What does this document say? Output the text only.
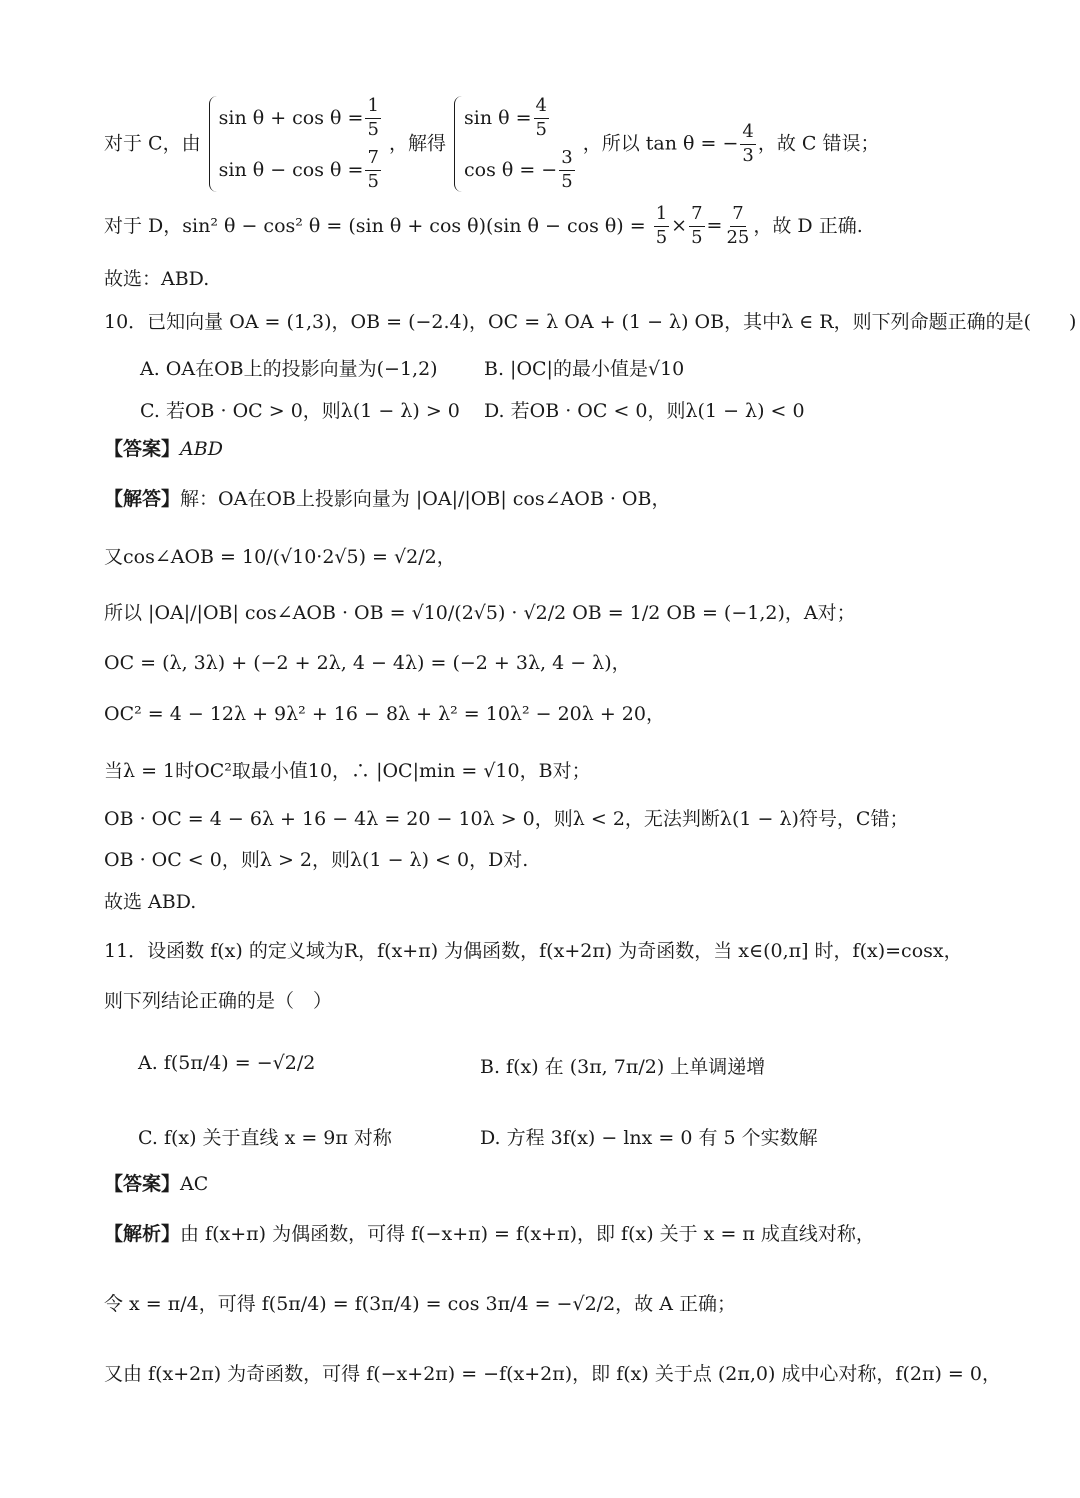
对于 C，由
$\sin \theta + \cos \theta = \frac{1}{5}$
$\sin \theta - \cos \theta = \frac{7}{5}$
，解得
$\sin \theta = \frac{4}{5}$
cos θ = − $\frac{3}{5}$
，所以 tan θ = − $\frac{4}{3}$ ，故 C 错误；
对于 D，sin² θ − cos² θ = (sin θ + cos θ)(sin $\theta - \cos \theta) = \frac{1}{5} \times \frac{7}{5} = \frac{7}{25}$ ，故 D 正确.
故选：ABD.
10．已知向量 OA = (1,3)，OB = (−2.4)，OC = λ OA + (1 − λ) OB，其中λ ∈ R，则下列命题正确的是(　　)
A. OA在OB上的投影向量为(−1,2) B. |OC|的最小值是√10
C. 若OB · OC > 0，则λ(1 − λ) > 0 D. 若OB · OC < 0，则λ(1 − λ) < 0
【答案】ABD
【解答】解：OA在OB上投影向量为 |OA|/|OB| cos∠AOB · OB，
又cos∠AOB = 10/(√10·2√5) = √2/2，
所以 |OA|/|OB| cos∠AOB · OB = √10/(2√5) · √2/2 OB = 1/2 OB = (−1,2)，A对；
OC = (λ, 3λ) + (−2 + 2λ, 4 − 4λ) = (−2 + 3λ, 4 − λ)，
OC² = 4 − 12λ + 9λ² + 16 − 8λ + λ² = 10λ² − 20λ + 20，
当λ = 1时OC²取最小值10，∴ |OC|min = √10，B对；
OB · OC = 4 − 6λ + 16 − 4λ = 20 − 10λ > 0，则λ < 2，无法判断λ(1 − λ)符号，C错；
OB · OC < 0，则λ > 2，则λ(1 − λ) < 0，D对.
故选 ABD.
11．设函数 f(x) 的定义域为R，f(x+π) 为偶函数，f(x+2π) 为奇函数，当 x∈(0,π] 时，f(x)=cosx，
则下列结论正确的是（　）
A. f(5π/4) = −√2/2	B. f(x) 在 (3π, 7π/2) 上单调递增
C. f(x) 关于直线 x = 9π 对称	D. 方程 3f(x) − lnx = 0 有 5 个实数解
【答案】AC
【解析】由 f(x+π) 为偶函数，可得 f(−x+π) = f(x+π)，即 f(x) 关于 x = π 成直线对称，
令 x = π/4，可得 f(5π/4) = f(3π/4) = cos 3π/4 = −√2/2，故 A 正确；
又由 f(x+2π) 为奇函数，可得 f(−x+2π) = −f(x+2π)，即 f(x) 关于点 (2π,0) 成中心对称，f(2π) = 0，
